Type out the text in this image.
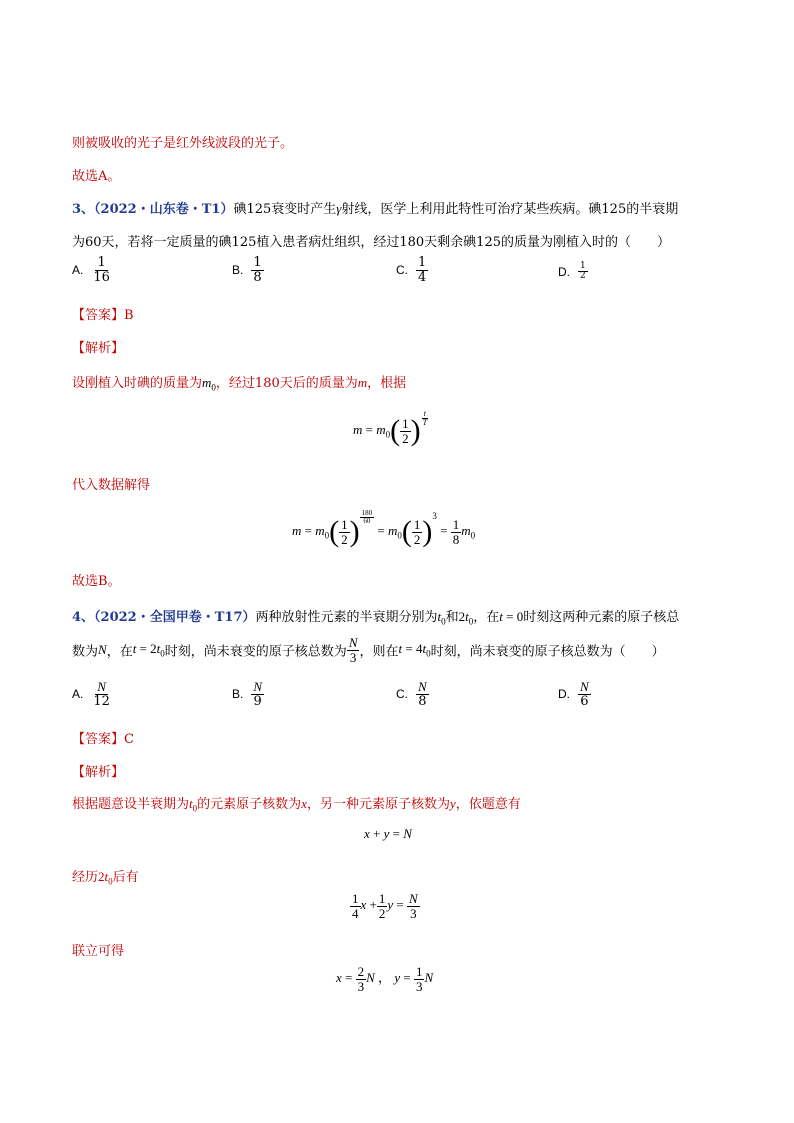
则被吸收的光子是红外线波段的光子。
故选A。
3、（2022・山东卷・T1）碘125衰变时产生γ射线，医学上利用此特性可治疗某些疾病。碘125的半衰期
为60天，若将一定质量的碘125植入患者病灶组织，经过180天剩余碘125的质量为刚植入时的（　　）
A. $\frac{1}{16}$	B. $\frac{1}{8}$	C. $\frac{1}{4}$	D. $\frac{1}{2}$
【答案】B
【解析】
设刚植入时碘的质量为$m_0$，经过180天后的质量为m，根据
$m = m_0( \frac{1}{2}$ ) $\frac{t}{T}$
代入数据解得
$m = m_0( \frac{1}{2}$ ) $\frac{180}{60}$
= $m_0( \frac{1}{2} )^3 = \frac{1}{8} m_0$
故选B。
4、（2022・全国甲卷・T17）两种放射性元素的半衰期分别为$t_0$和$2t_0$，在t = 0时刻这两种元素的原子核总
数为N，在$t = 2t_0$时刻，尚未衰变的原子核总数为 $\frac{N}{3}$ ，则在$t = 4t_0$时刻，尚未衰变的原子核总数为（　　）
A. $\frac{N}{12}$	B. $\frac{N}{9}$	C. $\frac{N}{8}$	D. $\frac{N}{6}$
【答案】C
【解析】
根据题意设半衰期为$t_0$的元素原子核数为x，另一种元素原子核数为y，依题意有
x + y = N
经历$2t_0$后有
$\frac{1}{4}$ $x + \frac{1}{2}$ $y = \frac{N}{3}$
联立可得
$x = \frac{2}{3}$ N ， $y = \frac{1}{3}$ N
